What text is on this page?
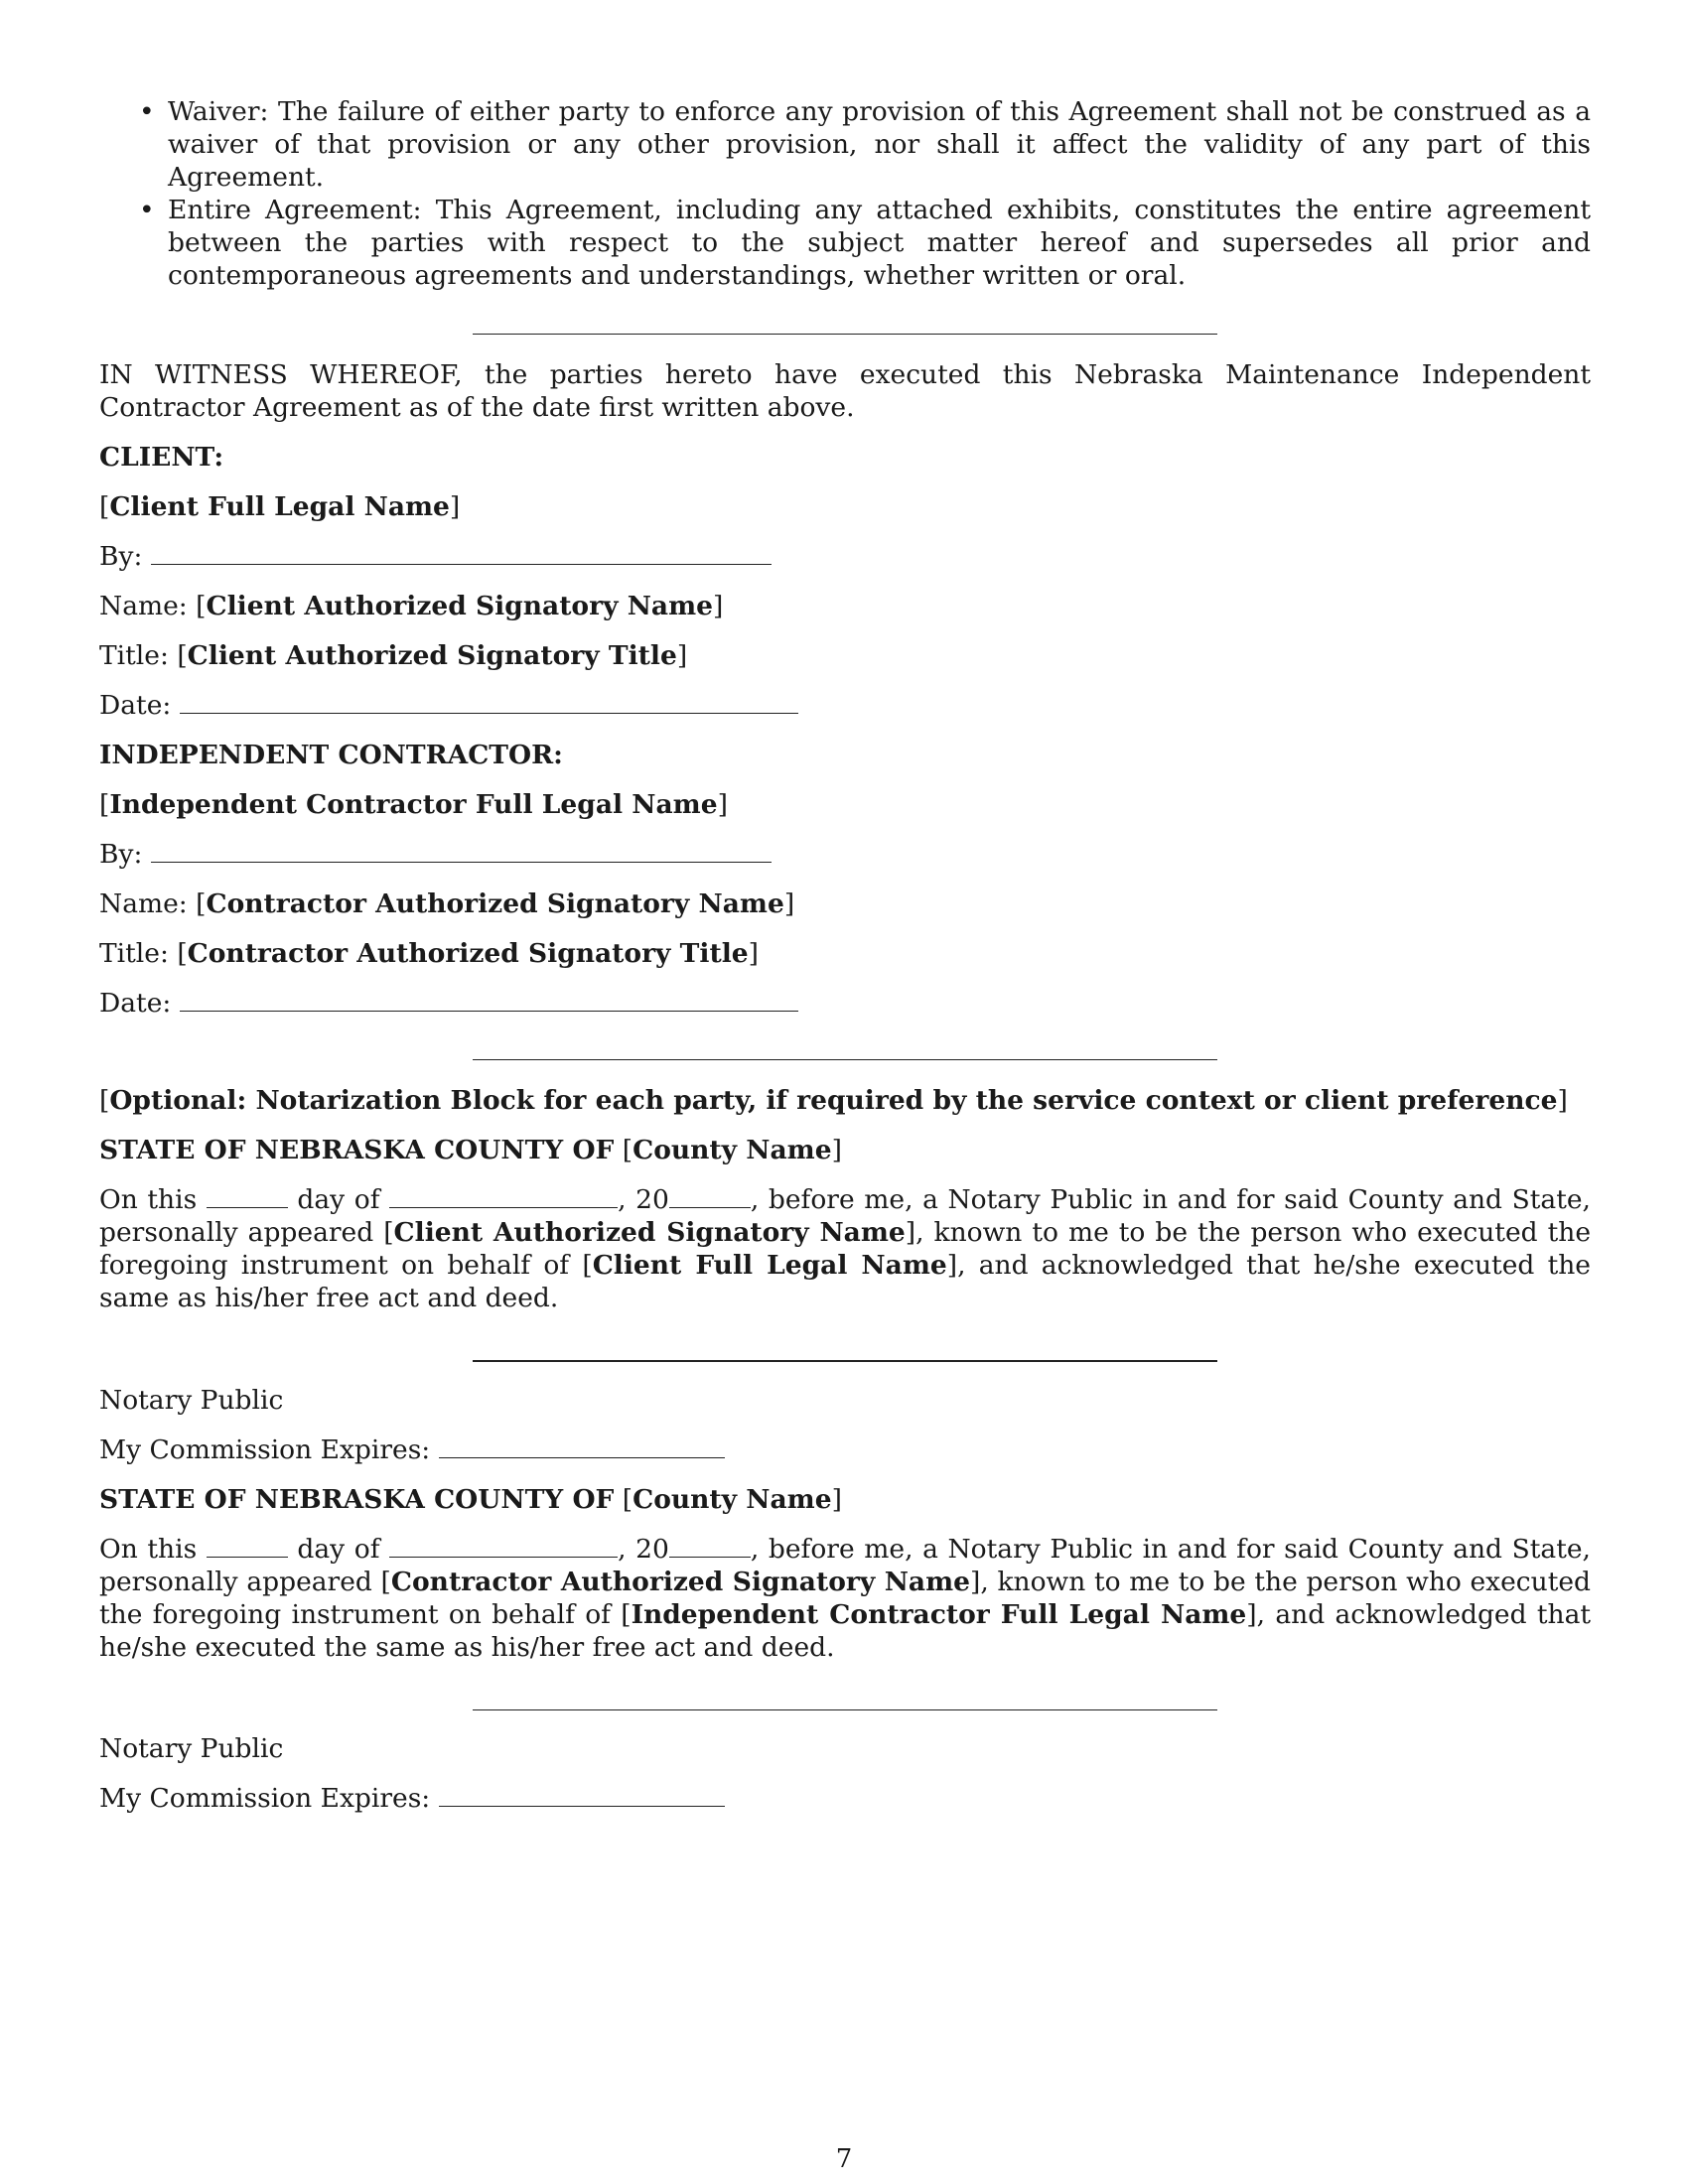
• Waiver: The failure of either party to enforce any provision of this Agreement shall not be construed as a waiver of that provision or any other provision, nor shall it affect the validity of any part of this Agreement.
• Entire Agreement: This Agreement, including any attached exhibits, constitutes the entire agreement between the parties with respect to the subject matter hereof and supersedes all prior and contemporaneous agreements and understandings, whether written or oral.

IN WITNESS WHEREOF, the parties hereto have executed this Nebraska Maintenance Independent Contractor Agreement as of the date first written above.

CLIENT:
[Client Full Legal Name]
By:
Name: [Client Authorized Signatory Name]
Title: [Client Authorized Signatory Title]
Date:
INDEPENDENT CONTRACTOR:
[Independent Contractor Full Legal Name]
By:
Name: [Contractor Authorized Signatory Name]
Title: [Contractor Authorized Signatory Title]
Date:
[Optional: Notarization Block for each party, if required by the service context or client preference]
STATE OF NEBRASKA COUNTY OF [County Name]

On this	day of	, 20	, before me, a Notary Public in and for said County and State, personally appeared [Client Authorized Signatory Name], known to me to be the person who executed the foregoing instrument on behalf of [Client Full Legal Name], and acknowledged that he/she executed the same as his/her free act and deed.

Notary Public
My Commission Expires:
STATE OF NEBRASKA COUNTY OF [County Name]

On this	day of	, 20	, before me, a Notary Public in and for said County and State, personally appeared [Contractor Authorized Signatory Name], known to me to be the person who executed the foregoing instrument on behalf of [Independent Contractor Full Legal Name], and acknowledged that he/she executed the same as his/her free act and deed.

Notary Public
My Commission Expires:
7
